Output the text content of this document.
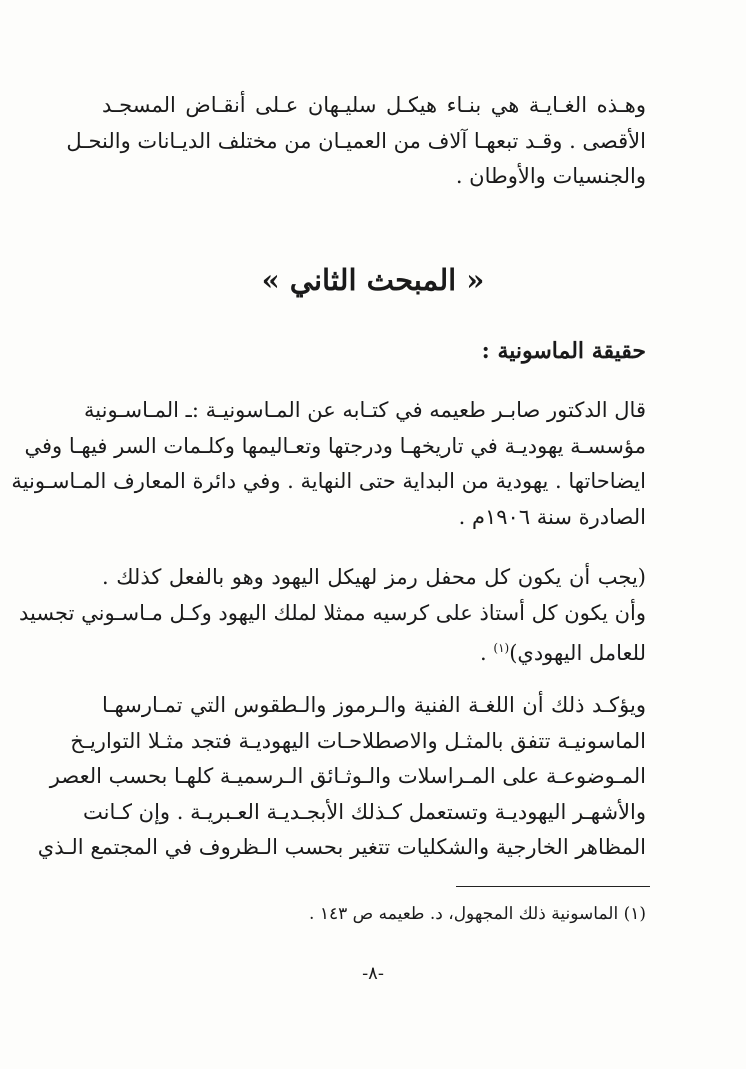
وهـذه الغـايـة هي بنـاء هيكـل سليـهان عـلى أنقـاض المسجـد
الأقصى . وقـد تبعهـا آلاف من العميـان من مختلف الديـانات والنحـل
والجنسيات والأوطان .
« المبحث الثاني »
حقيقة الماسونية :
قال الدكتور صابـر طعيمه في كتـابه عن المـاسونيـة :ـ المـاسـونية
مؤسسـة يهوديـة في تاريخهـا ودرجتها وتعـاليمها وكلـمات السر فيهـا وفي
ايضاحاتها . يهودية من البداية حتى النهاية . وفي دائرة المعارف المـاسـونية
الصادرة سنة ١٩٠٦م .
(يجب أن يكون كل محفل رمز لهيكل اليهود وهو بالفعل كذلك .
وأن يكون كل أستاذ على كرسيه ممثلا لملك اليهود وكـل مـاسـوني تجسيد
للعامل اليهودي)$^{(١)}$ .
ويؤكـد ذلك أن اللغـة الفنية والـرموز والـطقوس التي تمـارسهـا
الماسونيـة تتفق بالمثـل والاصطلاحـات اليهوديـة فتجد مثـلا التواريـخ
المـوضوعـة على المـراسلات والـوثـائق الـرسميـة كلهـا بحسب العصر
والأشهـر اليهوديـة وتستعمل كـذلك الأبجـديـة العـبريـة . وإن كـانت
المظاهر الخارجية والشكليات تتغير بحسب الـظروف في المجتمع الـذي
(١) الماسونية ذلك المجهول، د. طعيمه ص ١٤٣ .
-٨-
